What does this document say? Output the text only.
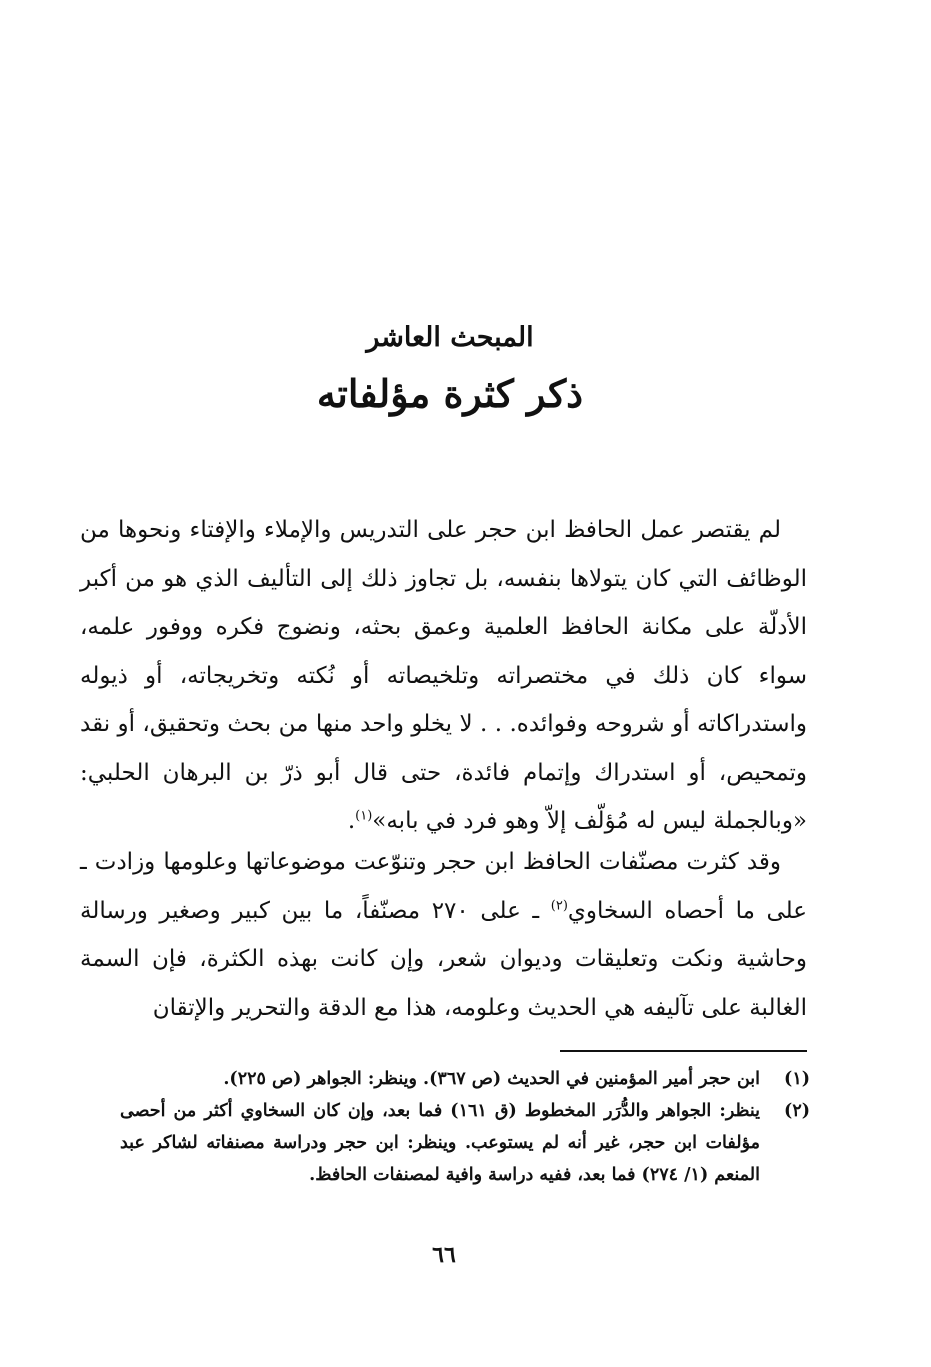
المبحث العاشر
ذكر كثرة مؤلفاته
لم يقتصر عمل الحافظ ابن حجر على التدريس والإملاء والإفتاء ونحوها من الوظائف التي كان يتولاها بنفسه، بل تجاوز ذلك إلى التأليف الذي هو من أكبر الأدلّة على مكانة الحافظ العلمية وعمق بحثه، ونضوج فكره ووفور علمه، سواء كان ذلك في مختصراته وتلخيصاته أو نُكته وتخريجاته، أو ذيوله واستدراكاته أو شروحه وفوائده. . . لا يخلو واحد منها من بحث وتحقيق، أو نقد وتمحيص، أو استدراك وإتمام فائدة، حتى قال أبو ذرّ بن البرهان الحلبي: «وبالجملة ليس له مُؤلّف إلاّ وهو فرد في بابه»$^{(١)}$.
وقد كثرت مصنّفات الحافظ ابن حجر وتنوّعت موضوعاتها وعلومها وزادت ـ على ما أحصاه السخاوي$^{(٢)}$ ـ على ٢٧٠ مصنّفاً، ما بين كبير وصغير ورسالة وحاشية ونكت وتعليقات وديوان شعر، وإن كانت بهذه الكثرة، فإن السمة الغالبة على تآليفه هي الحديث وعلومه، هذا مع الدقة والتحرير والإتقان
(١)
ابن حجر أمير المؤمنين في الحديث (ص ٣٦٧). وينظر: الجواهر (ص ٢٢٥).
(٢)
ينظر: الجواهر والدُّرَر المخطوط (ق ١٦١) فما بعد، وإن كان السخاوي أكثر من أحصى مؤلفات ابن حجر، غير أنه لم يستوعب. وينظر: ابن حجر ودراسة مصنفاته لشاكر عبد المنعم (١/ ٢٧٤) فما بعد، ففيه دراسة وافية لمصنفات الحافظ.
٦٦
